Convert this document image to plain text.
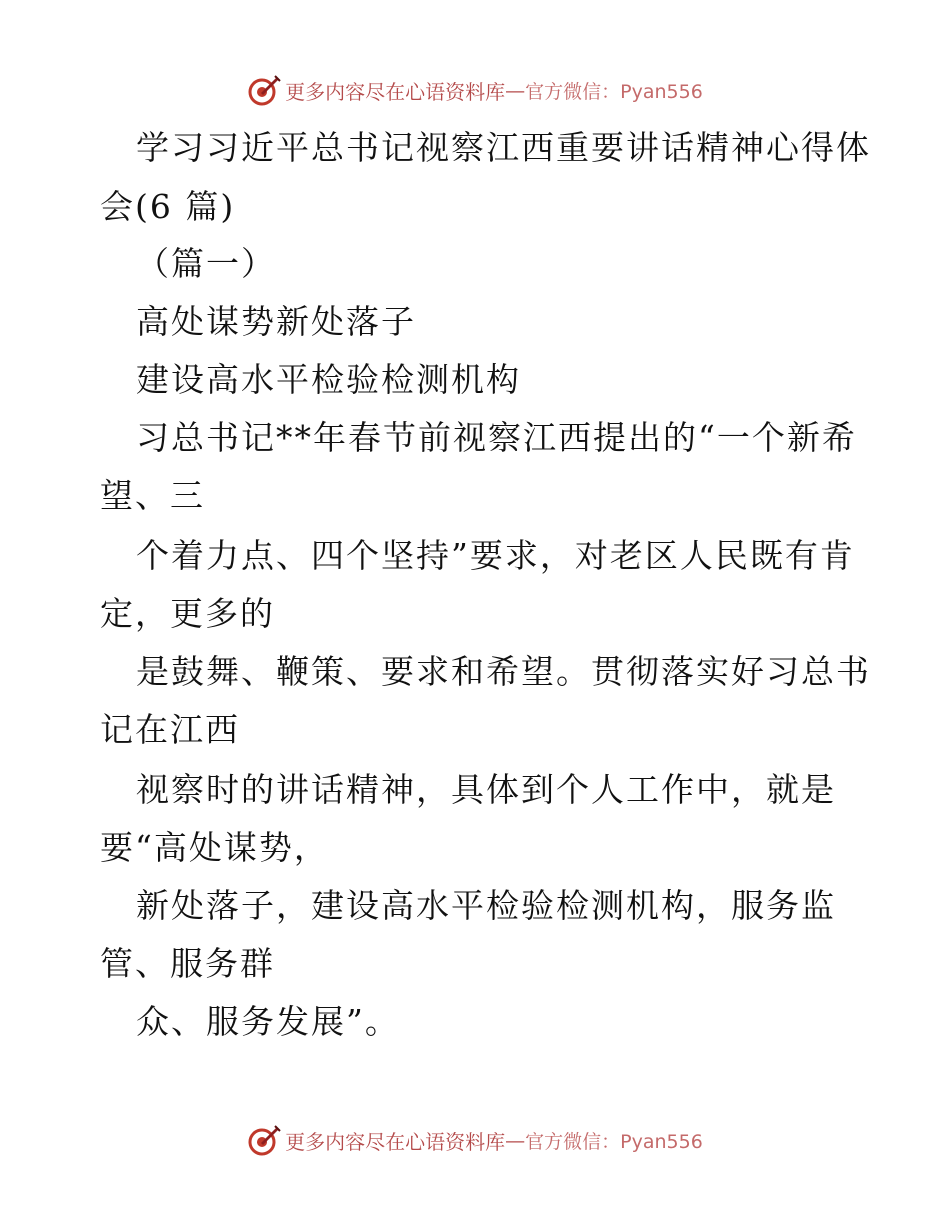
更多内容尽在心语资料库 — 官方微信：Pyan556
学习习近平总书记视察江西重要讲话精神心得体
会(6 篇)
（篇一）
高处谋势新处落子
建设高水平检验检测机构
习总书记**年春节前视察江西提出的“一个新希
望、三
个着力点、四个坚持”要求，对老区人民既有肯
定，更多的
是鼓舞、鞭策、要求和希望。贯彻落实好习总书
记在江西
视察时的讲话精神，具体到个人工作中，就是
要“高处谋势，
新处落子，建设高水平检验检测机构，服务监
管、服务群
众、服务发展”。
更多内容尽在心语资料库 — 官方微信：Pyan556
